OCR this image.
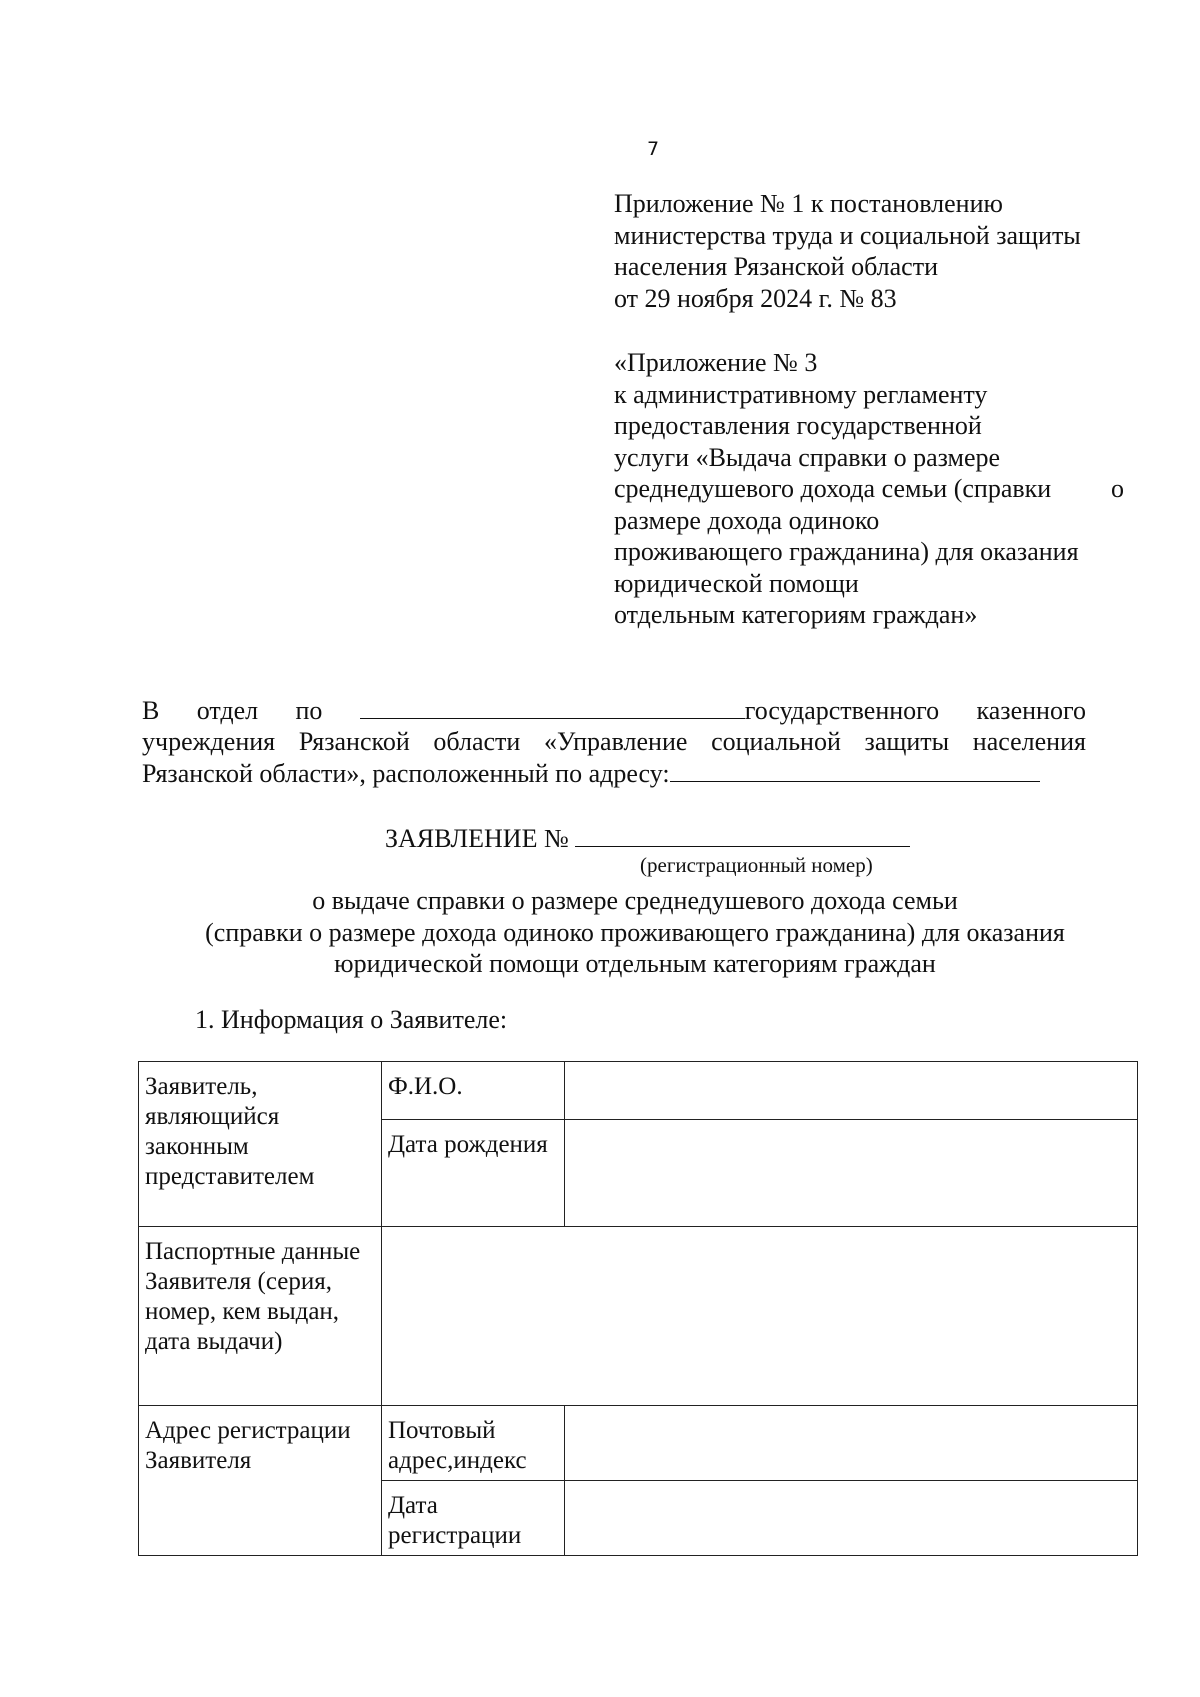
7
Приложение № 1 к постановлению
министерства труда и социальной защиты
населения Рязанской области
от 29 ноября 2024 г. № 83
«Приложение № 3
к административному регламенту
предоставления государственной
услуги «Выдача справки о размере
среднедушевого дохода семьи (справки о
размере дохода одиноко
проживающего гражданина) для оказания
юридической помощи
отдельным категориям граждан»
В отдел по	государственного казенного
учреждения Рязанской области «Управление социальной защиты населения
Рязанской области», расположенный по адресу:
ЗАЯВЛЕНИЕ №
(регистрационный номер)
о выдаче справки о размере среднедушевого дохода семьи
(справки о размере дохода одиноко проживающего гражданина) для оказания
юридической помощи отдельным категориям граждан
1. Информация о Заявителе:
Заявитель, являющийся законным представителем	Ф.И.О.	
	Дата рождения	
Паспортные данные Заявителя (серия, номер, кем выдан, дата выдачи)		
Адрес регистрации Заявителя	Почтовый адрес,индекс	
	Дата регистрации	
